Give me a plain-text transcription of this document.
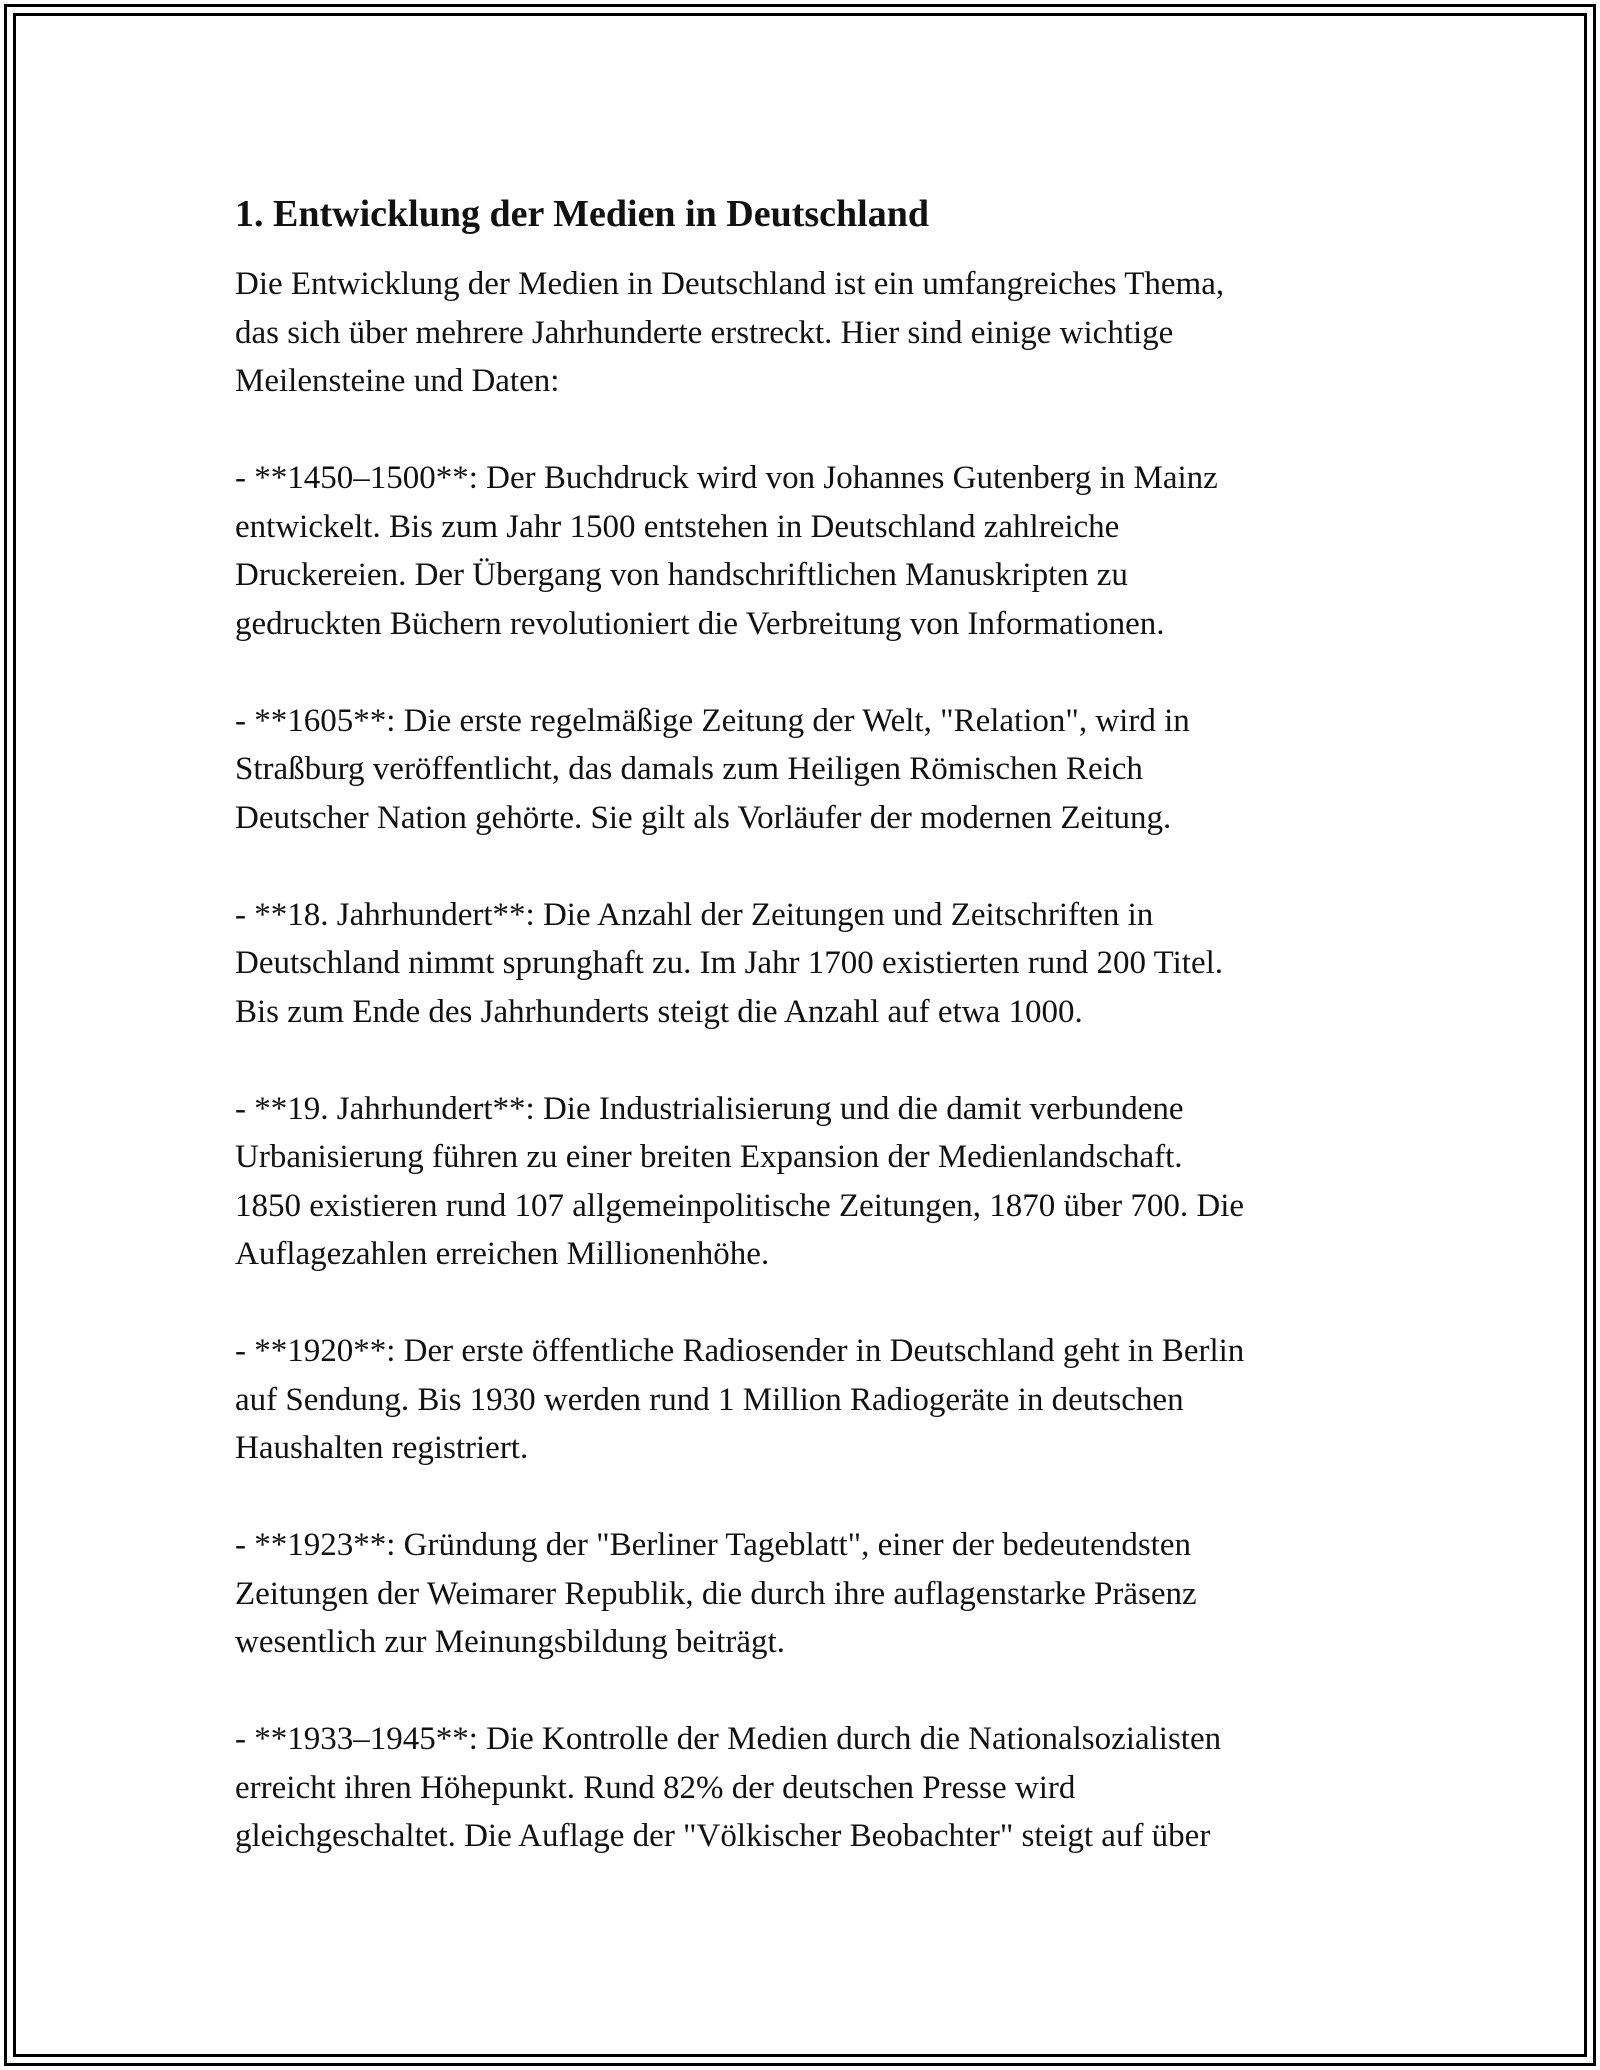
1. Entwicklung der Medien in Deutschland

Die Entwicklung der Medien in Deutschland ist ein umfangreiches Thema,
das sich über mehrere Jahrhunderte erstreckt. Hier sind einige wichtige
Meilensteine und Daten:

- **1450–1500**: Der Buchdruck wird von Johannes Gutenberg in Mainz
entwickelt. Bis zum Jahr 1500 entstehen in Deutschland zahlreiche
Druckereien. Der Übergang von handschriftlichen Manuskripten zu
gedruckten Büchern revolutioniert die Verbreitung von Informationen.

- **1605**: Die erste regelmäßige Zeitung der Welt, "Relation", wird in
Straßburg veröffentlicht, das damals zum Heiligen Römischen Reich
Deutscher Nation gehörte. Sie gilt als Vorläufer der modernen Zeitung.

- **18. Jahrhundert**: Die Anzahl der Zeitungen und Zeitschriften in
Deutschland nimmt sprunghaft zu. Im Jahr 1700 existierten rund 200 Titel.
Bis zum Ende des Jahrhunderts steigt die Anzahl auf etwa 1000.

- **19. Jahrhundert**: Die Industrialisierung und die damit verbundene
Urbanisierung führen zu einer breiten Expansion der Medienlandschaft.
1850 existieren rund 107 allgemeinpolitische Zeitungen, 1870 über 700. Die
Auflagezahlen erreichen Millionenhöhe.

- **1920**: Der erste öffentliche Radiosender in Deutschland geht in Berlin
auf Sendung. Bis 1930 werden rund 1 Million Radiogeräte in deutschen
Haushalten registriert.

- **1923**: Gründung der "Berliner Tageblatt", einer der bedeutendsten
Zeitungen der Weimarer Republik, die durch ihre auflagenstarke Präsenz
wesentlich zur Meinungsbildung beiträgt.

- **1933–1945**: Die Kontrolle der Medien durch die Nationalsozialisten
erreicht ihren Höhepunkt. Rund 82% der deutschen Presse wird
gleichgeschaltet. Die Auflage der "Völkischer Beobachter" steigt auf über
